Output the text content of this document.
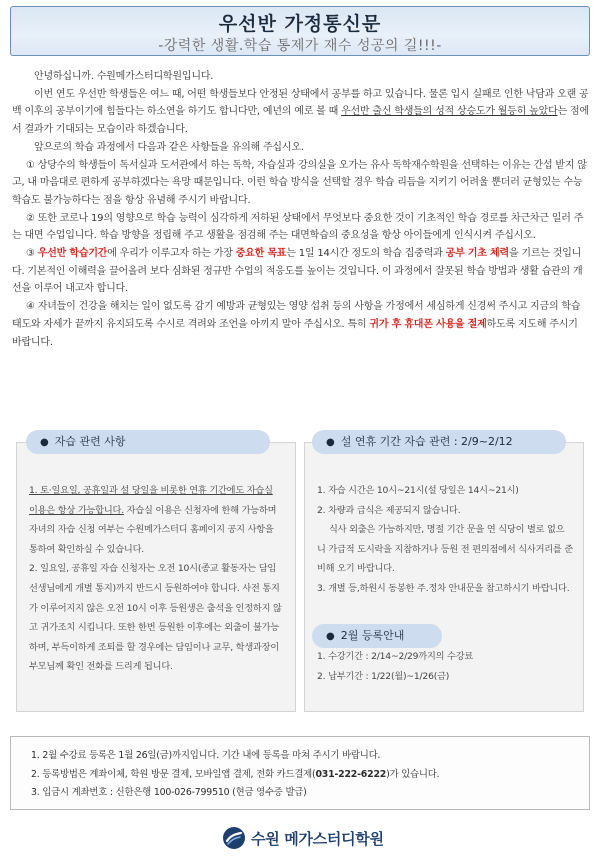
우선반 가정통신문
-강력한 생활.학습 통제가 재수 성공의 길!!!-

안녕하십니까. 수원메가스터디학원입니다.

이번 연도 우선반 학생들은 여느 때, 어떤 학생들보다 안정된 상태에서 공부를 하고 있습니다. 물론 입시 실패로 인한 낙담과 오랜 공백 이후의 공부이기에 힘들다는 하소연을 하기도 합니다만, 예년의 예로 볼 때 우선반 출신 학생들의 성적 상승도가 월등히 높았다는 점에서 결과가 기대되는 모습이라 하겠습니다.

앞으로의 학습 과정에서 다음과 같은 사항들을 유의해 주십시오.

① 상당수의 학생들이 독서실과 도서관에서 하는 독학, 자습실과 강의실을 오가는 유사 독학재수학원을 선택하는 이유는 간섭 받지 않고, 내 마음대로 편하게 공부하겠다는 욕망 때문입니다. 이런 학습 방식을 선택할 경우 학습 리듬을 지키기 어려울 뿐더러 균형있는 수능 학습도 불가능하다는 점을 항상 유념해 주시기 바랍니다.

② 또한 코로나 19의 영향으로 학습 능력이 심각하게 저하된 상태에서 무엇보다 중요한 것이 기초적인 학습 경로를 차근차근 일러 주는 대면 수업입니다. 학습 방향을 정립해 주고 생활을 점검해 주는 대면학습의 중요성을 항상 아이들에게 인식시켜 주십시오.

③ 우선반 학습기간에 우리가 이루고자 하는 가장 중요한 목표는 1일 14시간 정도의 학습 집중력과 공부 기초 체력을 기르는 것입니다. 기본적인 이해력을 끌어올려 보다 심화된 정규반 수업의 적응도를 높이는 것입니다. 이 과정에서 잘못된 학습 방법과 생활 습관의 개선을 이루어 내고자 합니다.

④ 자녀들이 건강을 해치는 일이 없도록 감기 예방과 균형있는 영양 섭취 등의 사항을 가정에서 세심하게 신경써 주시고 지금의 학습 태도와 자세가 끝까지 유지되도록 수시로 격려와 조언을 아끼지 말아 주십시오. 특히 귀가 후 휴대폰 사용을 절제하도록 지도해 주시기 바랍니다.

1. 토·일요일, 공휴일과 설 당일을 비롯한 연휴 기간에도 자습실 이용은 항상 가능합니다. 자습실 이용은 신청자에 한해 가능하며 자녀의 자습 신청 여부는 수원메가스터디 홈페이지 공지 사항을 통하여 확인하실 수 있습니다.

2. 일요일, 공휴일 자습 신청자는 오전 10시(종교 활동자는 담임 선생님에게 개별 통지)까지 반드시 등원하여야 합니다. 사전 통지가 이루어지지 않은 오전 10시 이후 등원생은 출석을 인정하지 않고 귀가조치 시킵니다. 또한 한번 등원한 이후에는 외출이 불가능하며, 부득이하게 조퇴를 할 경우에는 담임이나 교무, 학생과장이 부모님께 확인 전화를 드리게 됩니다.

● 자습 관련 사항

1. 자습 시간은 10시~21시(설 당일은 14시~21시)

2. 차량과 급식은 제공되지 않습니다.

식사 외출은 가능하지만, 명절 기간 문을 연 식당이 별로 없으니 가급적 도시락을 지참하거나 등원 전 편의점에서 식사거리를 준비해 오기 바랍니다.

3. 개별 등,하원시 동봉한 주.정차 안내문을 참고하시기 바랍니다.

1. 수강기간 : 2/14~2/29까지의 수강료

2. 납부기간 : 1/22(월)~1/26(금)

● 설 연휴 기간 자습 관련 : 2/9~2/12
● 2월 등록안내

1. 2월 수강료 등록은 1월 26일(금)까지입니다. 기간 내에 등록을 마쳐 주시기 바랍니다.

2. 등록방법은 계좌이체, 학원 방문 결제, 모바일앱 결제, 전화 카드결제(031-222-6222)가 있습니다.

3. 입금시 계좌번호 : 신한은행 100-026-799510 (현금 영수증 발급)

수원 메가스터디학원
